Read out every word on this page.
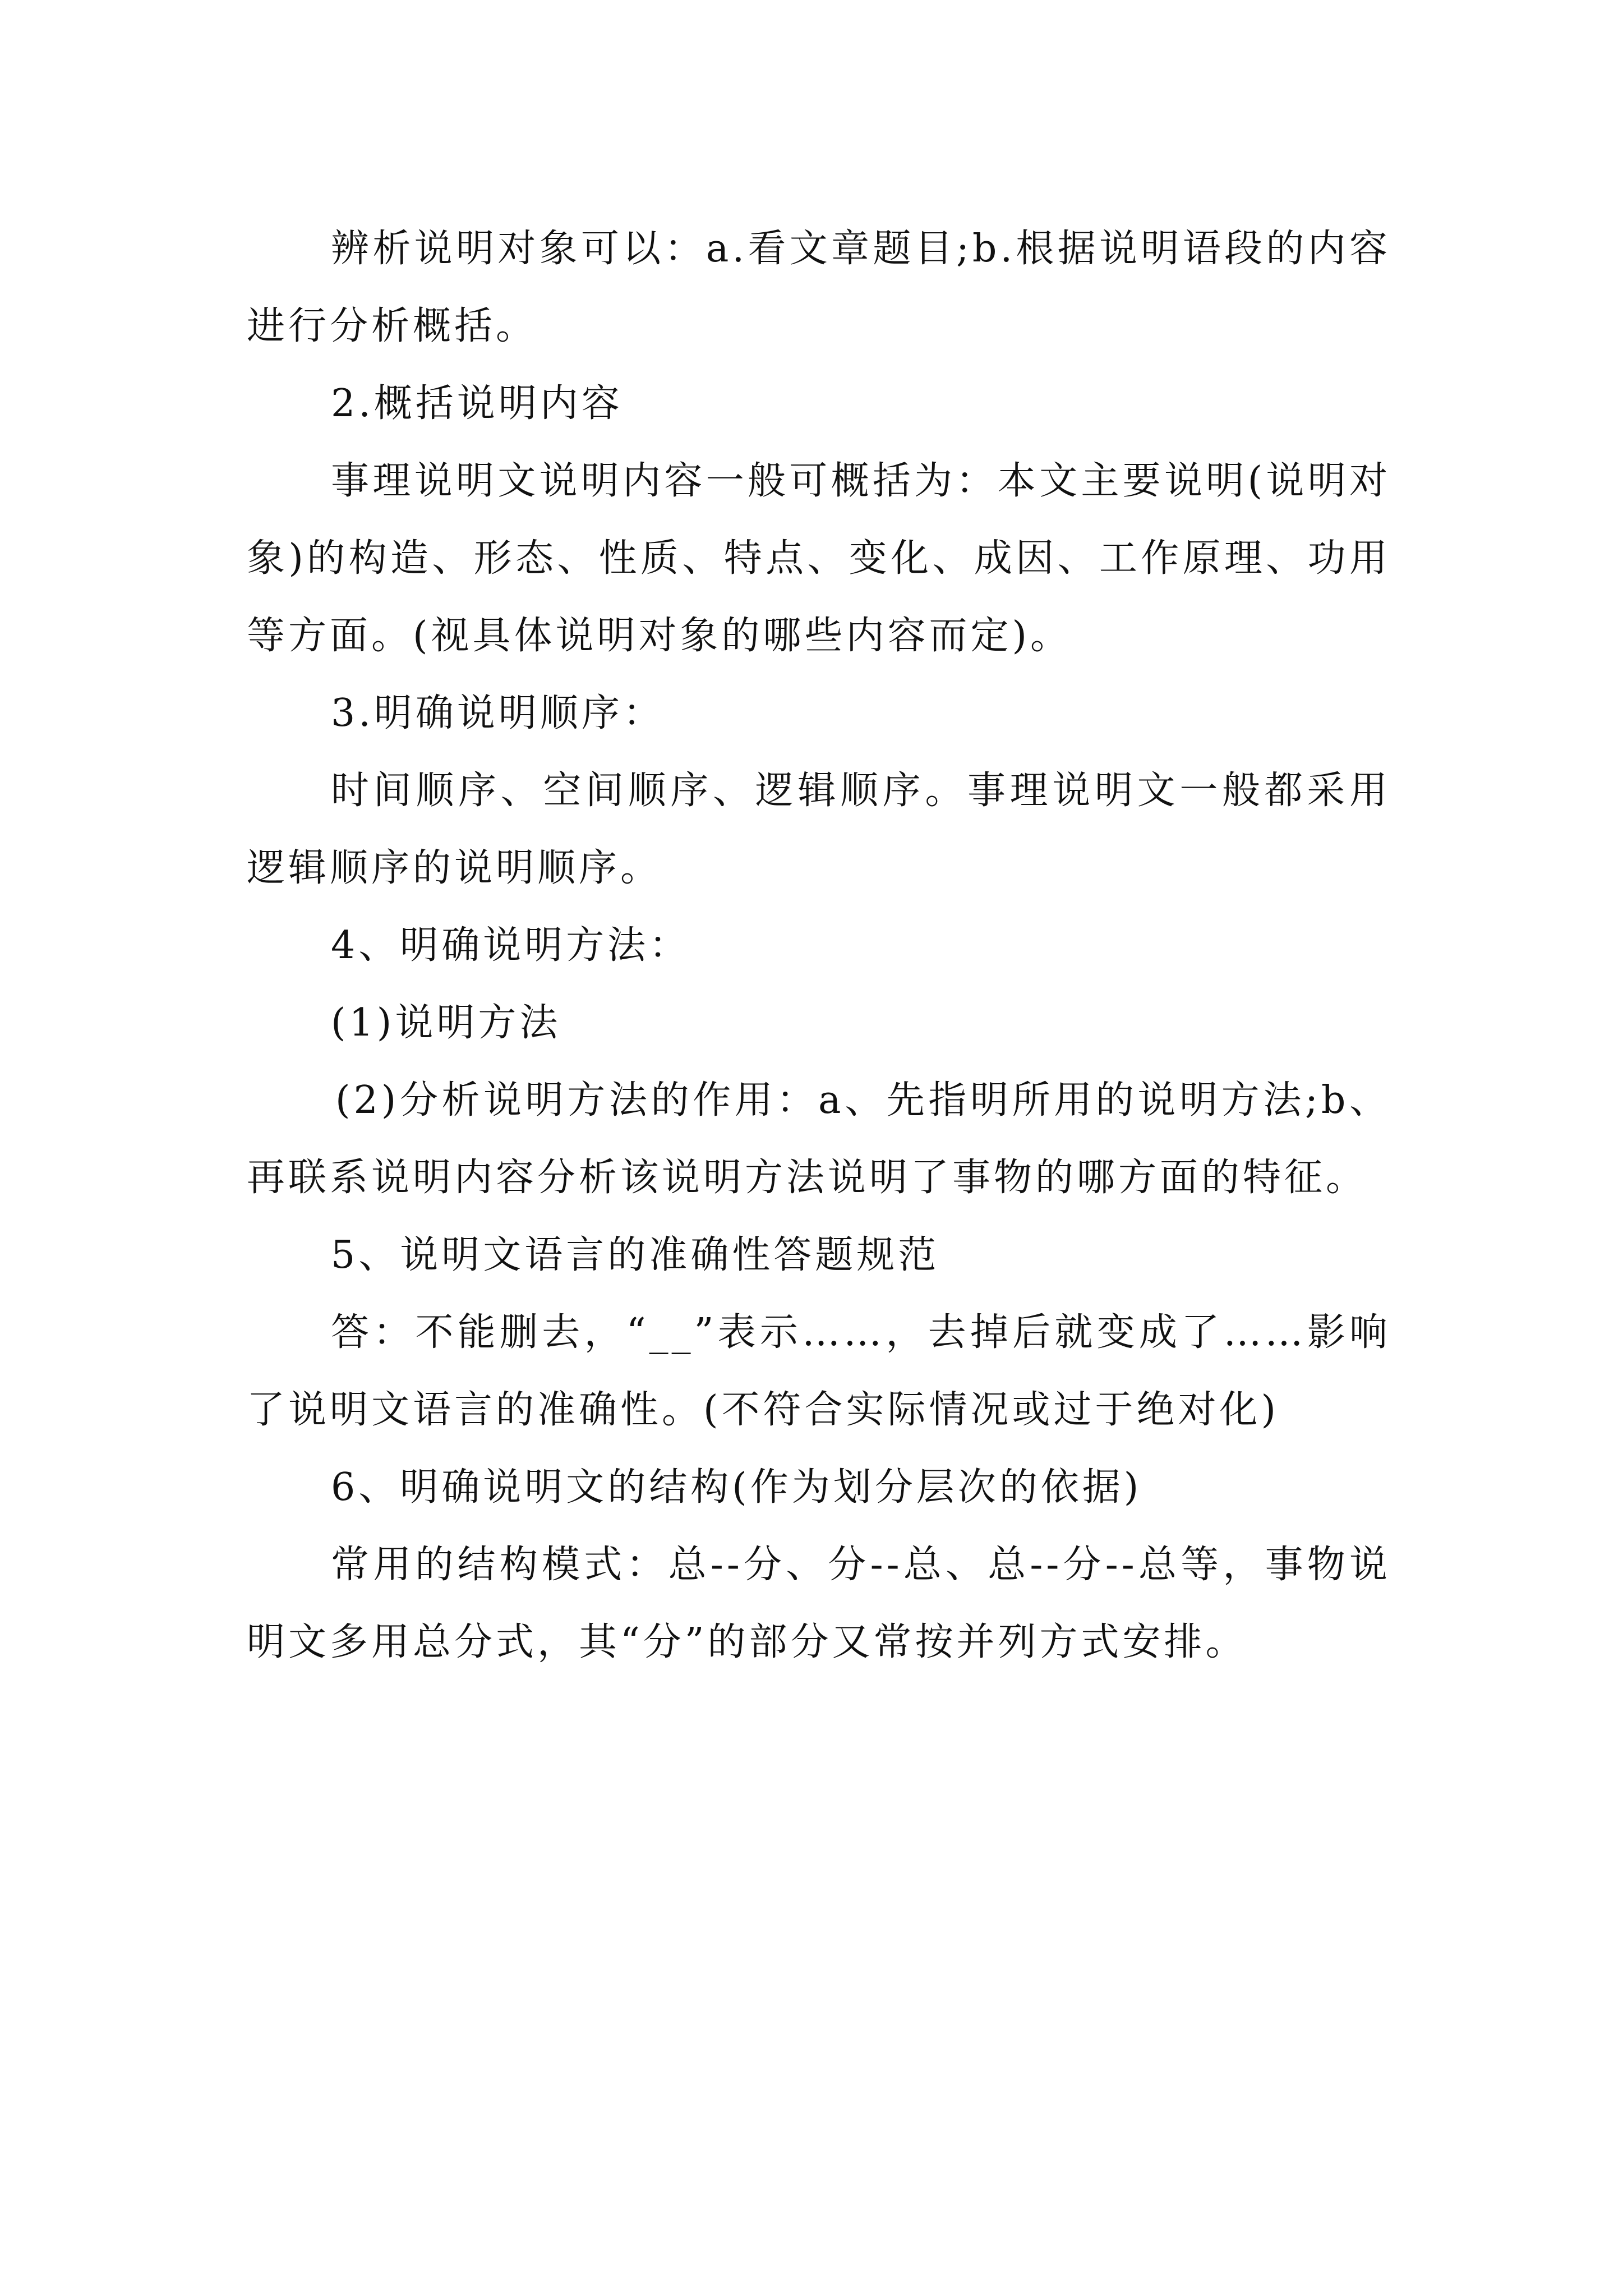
辨析说明对象可以：a.看文章题目;b.根据说明语段的内容进行分析概括。

2.概括说明内容

事理说明文说明内容一般可概括为：本文主要说明(说明对象)的构造、形态、性质、特点、变化、成因、工作原理、功用等方面。(视具体说明对象的哪些内容而定)。

3.明确说明顺序：

时间顺序、空间顺序、逻辑顺序。事理说明文一般都采用逻辑顺序的说明顺序。

4、明确说明方法：

(1)说明方法

(2)分析说明方法的作用：a、先指明所用的说明方法;b、再联系说明内容分析该说明方法说明了事物的哪方面的特征。

5、说明文语言的准确性答题规范

答：不能删去，“__”表示……，去掉后就变成了……影响了说明文语言的准确性。(不符合实际情况或过于绝对化)

6、明确说明文的结构(作为划分层次的依据)

常用的结构模式：总--分、分--总、总--分--总等，事物说明文多用总分式，其“分”的部分又常按并列方式安排。
